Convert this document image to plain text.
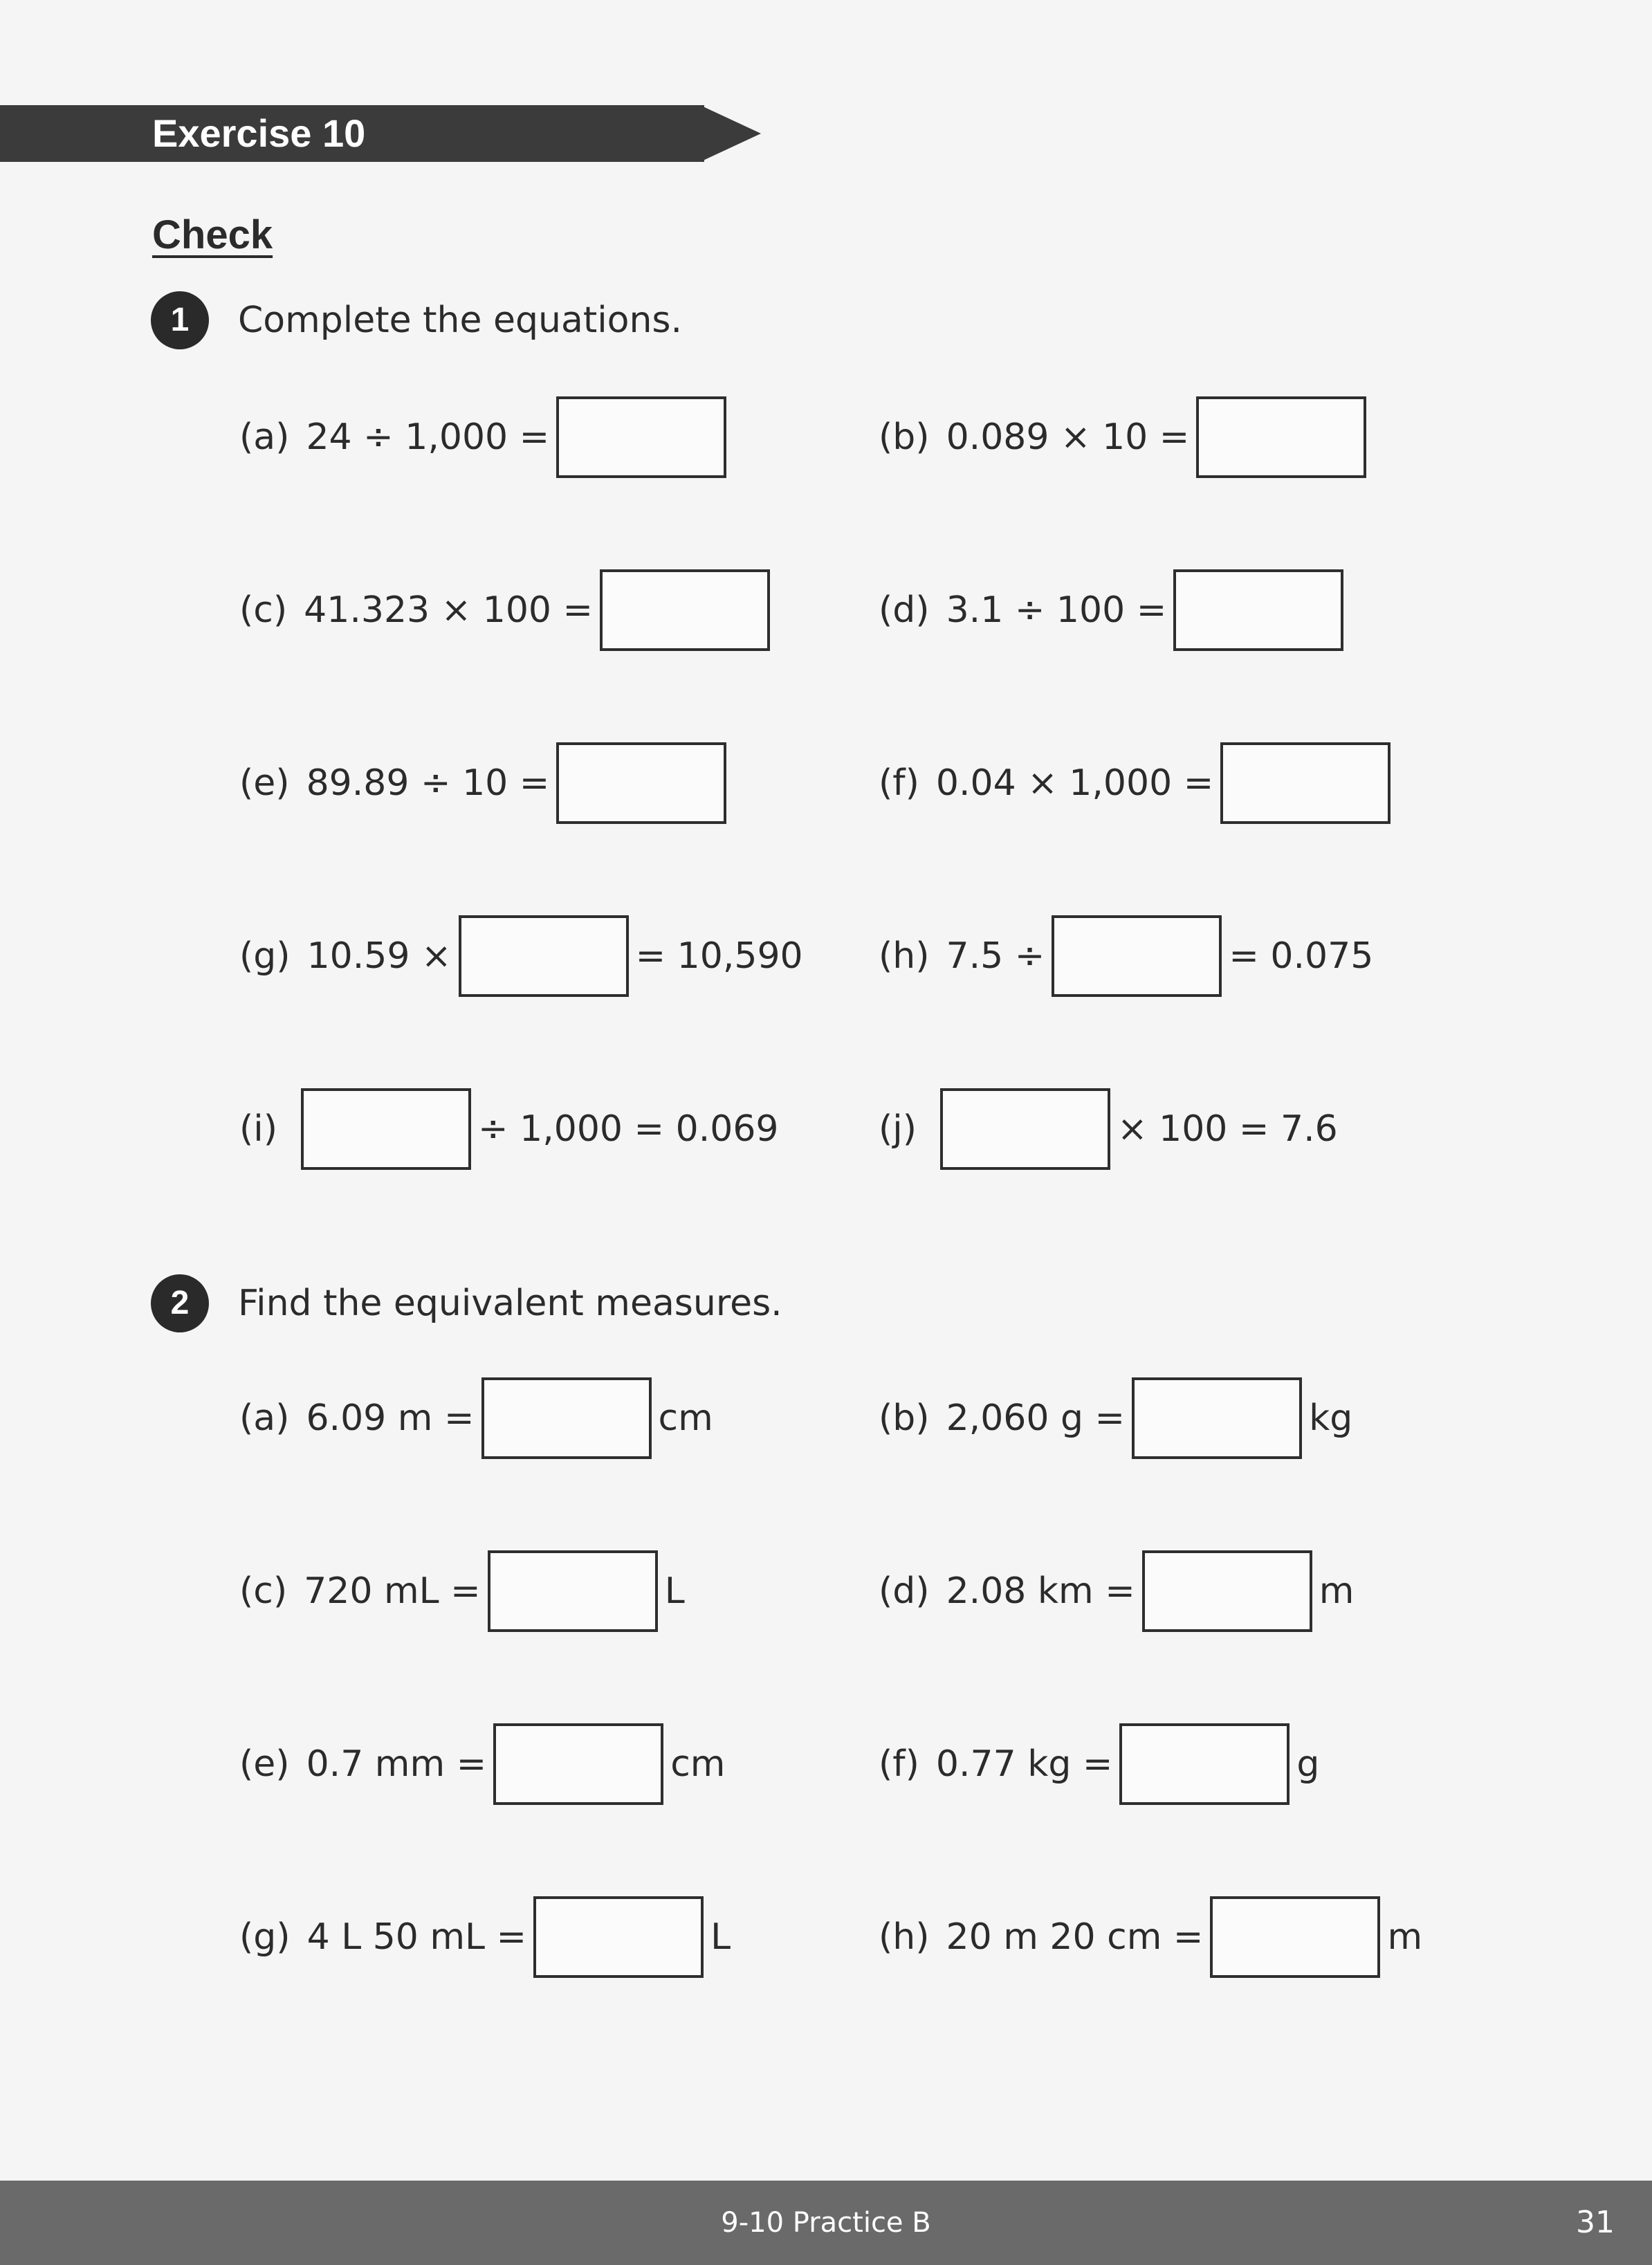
Exercise 10
Check
1	Complete the equations.
(a) 24 ÷ 1,000 =	(b) 0.089 × 10 =
(c) 41.323 × 100 =	(d) 3.1 ÷ 100 =
(e) 89.89 ÷ 10 =	(f) 0.04 × 1,000 =
(g) 10.59 ×	= 10,590 (h) 7.5 ÷	= 0.075
(i)	÷ 1,000 = 0.069	(j)	× 100 = 7.6
2	Find the equivalent measures.
(a) 6.09 m =	cm	(b) 2,060 g =	kg
(c) 720 mL =	L	(d) 2.08 km =	m
(e) 0.7 mm =	cm	(f) 0.77 kg =	g
(g) 4 L 50 mL =	L	(h) 20 m 20 cm =	m
9-10 Practice B	31
